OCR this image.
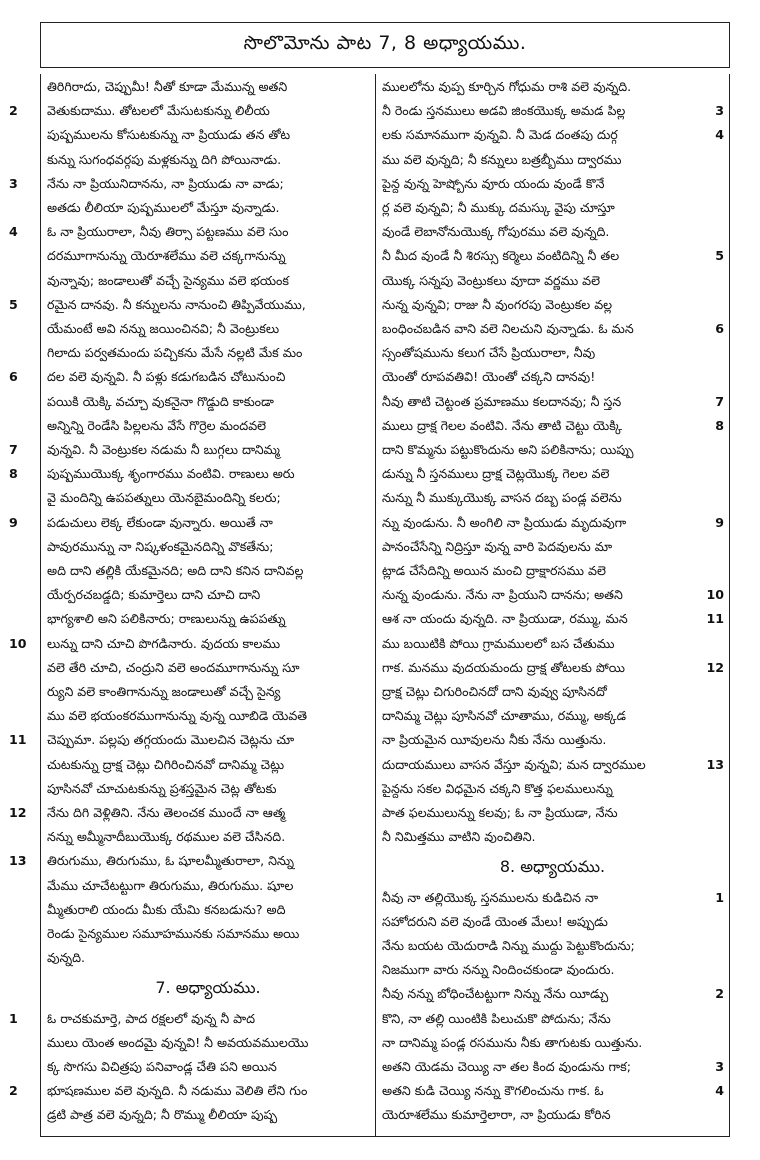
సొలొమోను పాట 7, 8 అధ్యాయము.
తిరిగిరాదు, చెప్పుమీ! నీతో కూడా మేమున్న అతని
2 వెతుకుదాము. తోటలలో మేసుటకున్ను లిలీయ
పుష్పములను కోసుటకున్ను నా ప్రియుడు తన తోట
కున్ను సుగంధవర్గపు మళ్లకున్ను దిగి పోయినాడు.
3 నేను నా ప్రియునిదానను, నా ప్రియుడు నా వాడు;
అతడు లీలియా పుష్పములలో మేస్తూ వున్నాడు.
4 ఓ నా ప్రియురాలా, నీవు తిర్సా పట్టణము వలె సుం
దరమూగానున్ను యెరూశలేము వలె చక్కగానున్ను
వున్నావు; జండాలుతో వచ్చే సైన్యము వలె భయంక
5 రమైన దానవు. నీ కన్నులను నానుంచి తిప్పివేయుము,
యేమంటే అవి నన్ను జయించినవి; నీ వెంట్రుకలు
గిలాదు పర్వతమందు పచ్చికను మేసే నల్లటి మేక మం
6 దల వలె వున్నవి. నీ పళ్లు కడుగబడిన చోటునుంచి
పయికి యెక్కి వచ్చూ వుకనైనా గొడ్డుది కాకుండా
అన్నిన్ని రెండేసి పిల్లలను వేసే గొర్రెల మందవలె
7 వున్నవి. నీ వెంట్రుకల నడుమ నీ బుగ్గలు దానిమ్మ
8 పుష్పముయొక్క శృంగారము వంటివి. రాణులు అరు
వై మందిన్ని ఉపపత్నులు యెనబైమందిన్ని కలరు;
9 పడుచులు లెక్క లేకుండా వున్నారు. అయితే నా
పావురమున్ను నా నిష్కళంకమైనదిన్ని వొకతేను;
అది దాని తల్లికి యేకమైనది; అది దాని కనిన దానివల్ల
యేర్పరచబడ్డది; కుమార్తెలు దాని చూచి దాని
భాగ్యశాలి అని పలికినారు; రాణులున్ను ఉపపత్ను
10 లున్ను దాని చూచి పొగడినారు. వుదయ కాలము
వలె తేరి చూచి, చంద్రుని వలె అందమూగానున్ను సూ
ర్యుని వలె కాంతిగానున్ను జండాలుతో వచ్చే సైన్య
ము వలె భయంకరముగానున్ను వున్న యీబిడె యెవతె
11 చెప్పుమా. పల్లపు తగ్గయందు మొలచిన చెట్లను చూ
చుటకున్ను ద్రాక్ష చెట్లు చిగిరించినవో దానిమ్మ చెట్లు
పూసినవో చూచుటకున్ను ప్రశస్తమైన చెట్ల తోటకు
12 నేను దిగి వెళ్లితిని. నేను తెలంచక ముందే నా ఆత్మ
నన్ను అమ్మీనాదీబుయొక్క రథముల వలె చేసినది.
13 తిరుగుము, తిరుగుము, ఓ షూలమ్మీతురాలా, నిన్ను
మేము చూచేటట్టుగా తిరుగుము, తిరుగుము. షూల
మ్మీతురాలి యందు మీకు యేమి కనబడును? అది
రెండు సైన్యముల సమూహమునకు సమానము అయి
వున్నది.
7. అధ్యాయము.
1 ఓ రాచకుమార్తె, పాద రక్షలలో వున్న నీ పాద
ములు యెంత అందమై వున్నవి! నీ అవయవములయొ
క్క సొగసు విచిత్రపు పనివాండ్ల చేతి పని అయిన
2 భూషణముల వలె వున్నది. నీ నడుము వెలితి లేని గుం
డ్రటి పాత్ర వలె వున్నది; నీ రొమ్ము లీలియా పుష్ప
ములలోను వుప్ప కూర్చిన గోధుమ రాశి వలె వున్నది.
3
నీ రెండు స్తనములు అడవి జింకయొక్క అమడ పిల్ల
4
లకు సమానముగా వున్నవి. నీ మెడ దంతపు దుర్గ
ము వలె వున్నది; నీ కన్నులు బత్రబ్బీము ద్వారము
పైన్ద వున్న హెష్బోను వూరు యందు వుండే కొనే
ర్ల వలె వున్నవి; నీ ముక్కు దమస్కు వైపు చూస్తూ
వుండే లెబానోనుయొక్క గోపురము వలె వున్నది.
5
నీ మీద వుండే నీ శిరస్సు కర్మెలు వంటిదిన్ని నీ తల
యొక్క సన్నపు వెంట్రుకలు వూదా వర్ణము వలె
నున్న వున్నవి; రాజు నీ వుంగరపు వెంట్రుకల వల్ల
6
బంధించబడిన వాని వలె నిలచుని వున్నాడు. ఓ మన
స్సంతోషమును కలుగ చేసే ప్రియురాలా, నీవు
యెంతో రూపవతివి! యెంతో చక్కని దానవు!
7
నీవు తాటి చెట్టంత ప్రమాణము కలదానవు; నీ స్తన
8
ములు ద్రాక్ష గెలల వంటివి. నేను తాటి చెట్టు యెక్కి
దాని కొమ్మను పట్టుకొందును అని పలికినాను; యిప్పు
డున్ను నీ స్తనములు ద్రాక్ష చెట్లయొక్క గెలల వలె
నున్ను నీ ముక్కుయొక్క వాసన దబ్బ పండ్ల వలెను
9
న్ను వుండును. నీ అంగిలి నా ప్రియుడు మృదువుగా
పానంచేసేన్ని నిద్రిస్తూ వున్న వారి పెదవులను మా
ట్లాడ చేసేదిన్ని అయిన మంచి ద్రాక్షారసము వలె
10
నున్న వుండును. నేను నా ప్రియుని దానను; అతని
11
ఆశ నా యందు వున్నది. నా ప్రియుడా, రమ్ము, మన
ము బయిటికి పోయి గ్రామములలో బస చేతుము
12
గాక. మనము వుదయమందు ద్రాక్ష తోటలకు పోయి
ద్రాక్ష చెట్లు చిగురించినదో దాని వువ్వు పూసినదో
దానిమ్మ చెట్లు పూసినవో చూతాము, రమ్ము, అక్కడ
నా ప్రియమైన యీవులను నీకు నేను యిత్తును.
13
దుదాయములు వాసన వేస్తూ వున్నవి; మన ద్వారముల
పైన్దను సకల విధమైన చక్కని కొత్త ఫలములున్ను
పాత ఫలములున్ను కలవు; ఓ నా ప్రియుడా, నేను
నీ నిమిత్తము వాటిని వుంచితిని.
8. అధ్యాయము.
1
నీవు నా తల్లియొక్క స్తనములను కుడిచిన నా
సహోదరుని వలె వుండే యెంత మేలు! అప్పుడు
నేను బయట యెదురాడి నిన్ను ముద్దు పెట్టుకొందును;
నిజముగా వారు నన్ను నిందించకుండా వుందురు.
2
నీవు నన్ను బోధించేటట్టుగా నిన్ను నేను యీడ్చు
కొని, నా తల్లి యింటికి పిలుచుకొ పోదును; నేను
నా దానిమ్మ పండ్ల రసమును నీకు తాగుటకు యిత్తును.
3
అతని యెడమ చెయ్యి నా తల కింద వుండును గాక;
4
అతని కుడి చెయ్యి నన్ను కౌగలించును గాక. ఓ
యెరూశలేము కుమార్తెలారా, నా ప్రియుడు కోరిన
